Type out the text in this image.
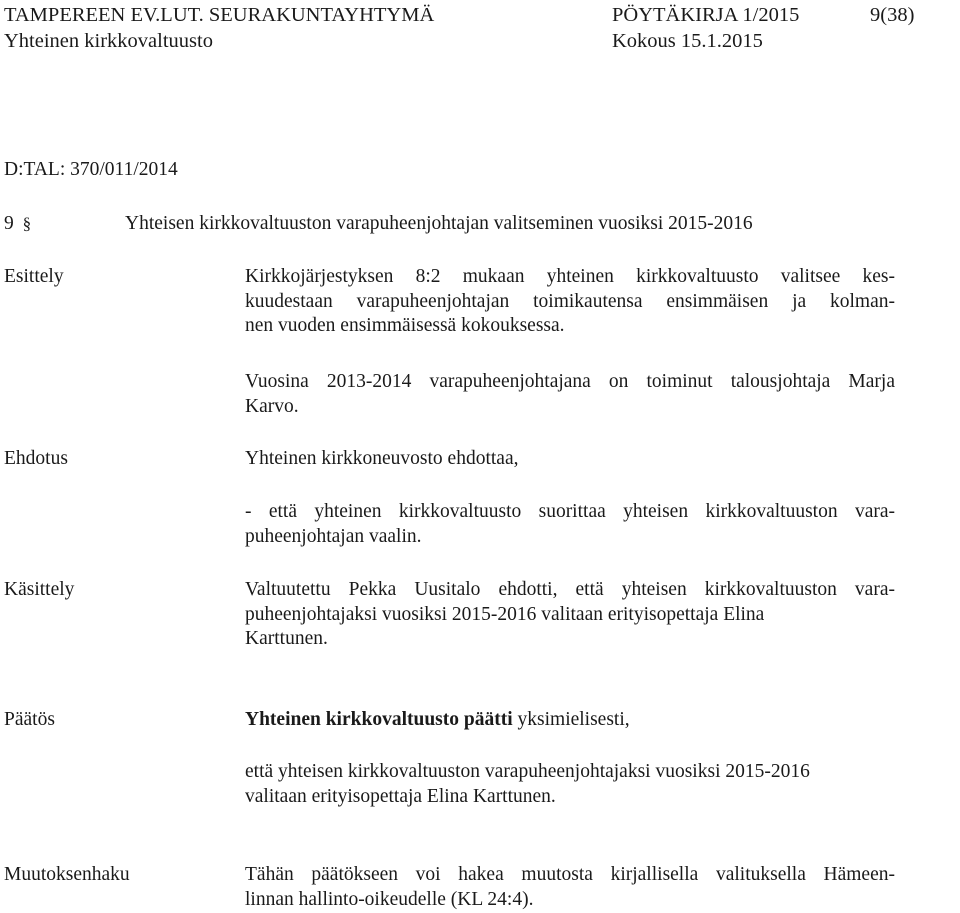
TAMPEREEN EV.LUT. SEURAKUNTAYHTYMÄ	PÖYTÄKIRJA 1/2015	9(38)
Yhteinen kirkkovaltuusto	Kokous 15.1.2015
D:TAL: 370/011/2014
9 §	Yhteisen kirkkovaltuuston varapuheenjohtajan valitseminen vuosiksi 2015-2016
Esittely	Kirkkojärjestyksen 8:2 mukaan yhteinen kirkkovaltuusto valitsee kes-
kuudestaan varapuheenjohtajan toimikautensa ensimmäisen ja kolman-
nen vuoden ensimmäisessä kokouksessa.
Vuosina 2013-2014 varapuheenjohtajana on toiminut talousjohtaja Marja
Karvo.
Ehdotus	Yhteinen kirkkoneuvosto ehdottaa,
- että yhteinen kirkkovaltuusto suorittaa yhteisen kirkkovaltuuston vara-
puheenjohtajan vaalin.
Käsittely	Valtuutettu Pekka Uusitalo ehdotti, että yhteisen kirkkovaltuuston vara-
puheenjohtajaksi vuosiksi 2015-2016 valitaan erityisopettaja Elina
Karttunen.
Päätös	Yhteinen kirkkovaltuusto päätti yksimielisesti,
että yhteisen kirkkovaltuuston varapuheenjohtajaksi vuosiksi 2015-2016
valitaan erityisopettaja Elina Karttunen.
Muutoksenhaku	Tähän päätökseen voi hakea muutosta kirjallisella valituksella Hämeen-
linnan hallinto-oikeudelle (KL 24:4).
